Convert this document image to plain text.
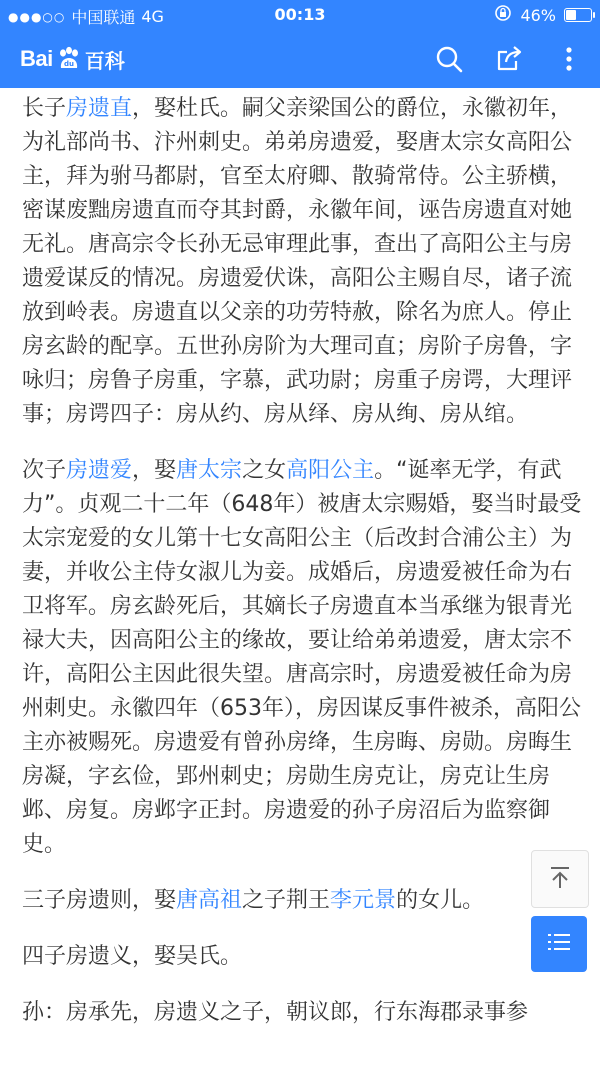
●●●○○ 中国联通 4G	00:13	46%
Bai du 百科

长子房遗直，娶杜氏。嗣父亲梁国公的爵位，永徽初年，为礼部尚书、汴州刺史。弟弟房遗爱，娶唐太宗女高阳公主，拜为驸马都尉，官至太府卿、散骑常侍。公主骄横，密谋废黜房遗直而夺其封爵，永徽年间，诬告房遗直对她无礼。唐高宗令长孙无忌审理此事，查出了高阳公主与房遗爱谋反的情况。房遗爱伏诛，高阳公主赐自尽，诸子流放到岭表。房遗直以父亲的功劳特赦，除名为庶人。停止房玄龄的配享。五世孙房阶为大理司直；房阶子房鲁，字咏归；房鲁子房重，字慕，武功尉；房重子房谔，大理评事；房谔四子：房从约、房从绎、房从绚、房从绾。

次子房遗爱，娶唐太宗之女高阳公主。“诞率无学，有武力”。贞观二十二年（648年）被唐太宗赐婚，娶当时最受太宗宠爱的女儿第十七女高阳公主（后改封合浦公主）为妻，并收公主侍女淑儿为妾。成婚后，房遗爱被任命为右卫将军。房玄龄死后，其嫡长子房遗直本当承继为银青光禄大夫，因高阳公主的缘故，要让给弟弟遗爱，唐太宗不许，高阳公主因此很失望。唐高宗时，房遗爱被任命为房州刺史。永徽四年（653年），房因谋反事件被杀，高阳公主亦被赐死。房遗爱有曾孙房绛，生房晦、房勋。房晦生房凝，字玄俭，郢州刺史；房勋生房克让，房克让生房邺、房复。房邺字正封。房遗爱的孙子房沼后为监察御史。

三子房遗则，娶唐高祖之子荆王李元景的女儿。

四子房遗义，娶吴氏。

孙：房承先，房遗义之子，朝议郎，行东海郡录事参
